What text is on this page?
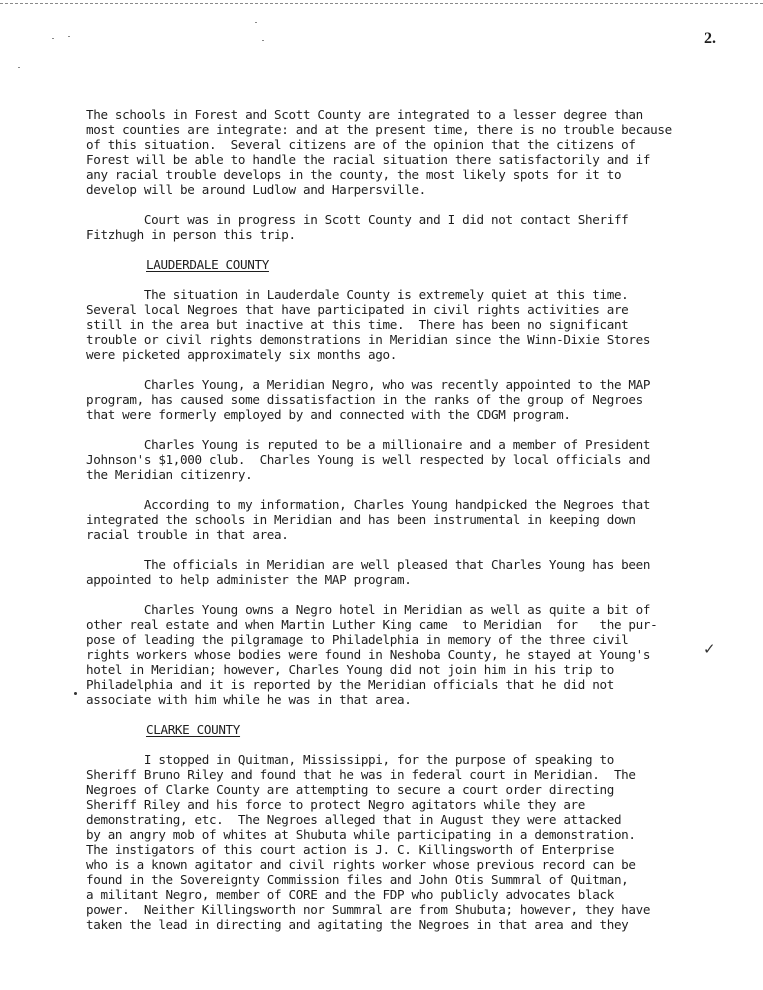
2.
The schools in Forest and Scott County are integrated to a lesser degree than
most counties are integrate: and at the present time, there is no trouble because
of this situation.  Several citizens are of the opinion that the citizens of
Forest will be able to handle the racial situation there satisfactorily and if
any racial trouble develops in the county, the most likely spots for it to
develop will be around Ludlow and Harpersville.
Court was in progress in Scott County and I did not contact Sheriff
Fitzhugh in person this trip.
LAUDERDALE COUNTY
The situation in Lauderdale County is extremely quiet at this time.
Several local Negroes that have participated in civil rights activities are
still in the area but inactive at this time.  There has been no significant
trouble or civil rights demonstrations in Meridian since the Winn-Dixie Stores
were picketed approximately six months ago.
Charles Young, a Meridian Negro, who was recently appointed to the MAP
program, has caused some dissatisfaction in the ranks of the group of Negroes
that were formerly employed by and connected with the CDGM program.
Charles Young is reputed to be a millionaire and a member of President
Johnson's $1,000 club.  Charles Young is well respected by local officials and
the Meridian citizenry.
According to my information, Charles Young handpicked the Negroes that
integrated the schools in Meridian and has been instrumental in keeping down
racial trouble in that area.
The officials in Meridian are well pleased that Charles Young has been
appointed to help administer the MAP program.
Charles Young owns a Negro hotel in Meridian as well as quite a bit of
other real estate and when Martin Luther King came  to Meridian  for   the pur-
pose of leading the pilgramage to Philadelphia in memory of the three civil
rights workers whose bodies were found in Neshoba County, he stayed at Young's
hotel in Meridian; however, Charles Young did not join him in his trip to
Philadelphia and it is reported by the Meridian officials that he did not
associate with him while he was in that area.
CLARKE COUNTY
I stopped in Quitman, Mississippi, for the purpose of speaking to
Sheriff Bruno Riley and found that he was in federal court in Meridian.  The
Negroes of Clarke County are attempting to secure a court order directing
Sheriff Riley and his force to protect Negro agitators while they are
demonstrating, etc.  The Negroes alleged that in August they were attacked
by an angry mob of whites at Shubuta while participating in a demonstration.
The instigators of this court action is J. C. Killingsworth of Enterprise
who is a known agitator and civil rights worker whose previous record can be
found in the Sovereignty Commission files and John Otis Summral of Quitman,
a militant Negro, member of CORE and the FDP who publicly advocates black
power.  Neither Killingsworth nor Summral are from Shubuta; however, they have
taken the lead in directing and agitating the Negroes in that area and they
✓
